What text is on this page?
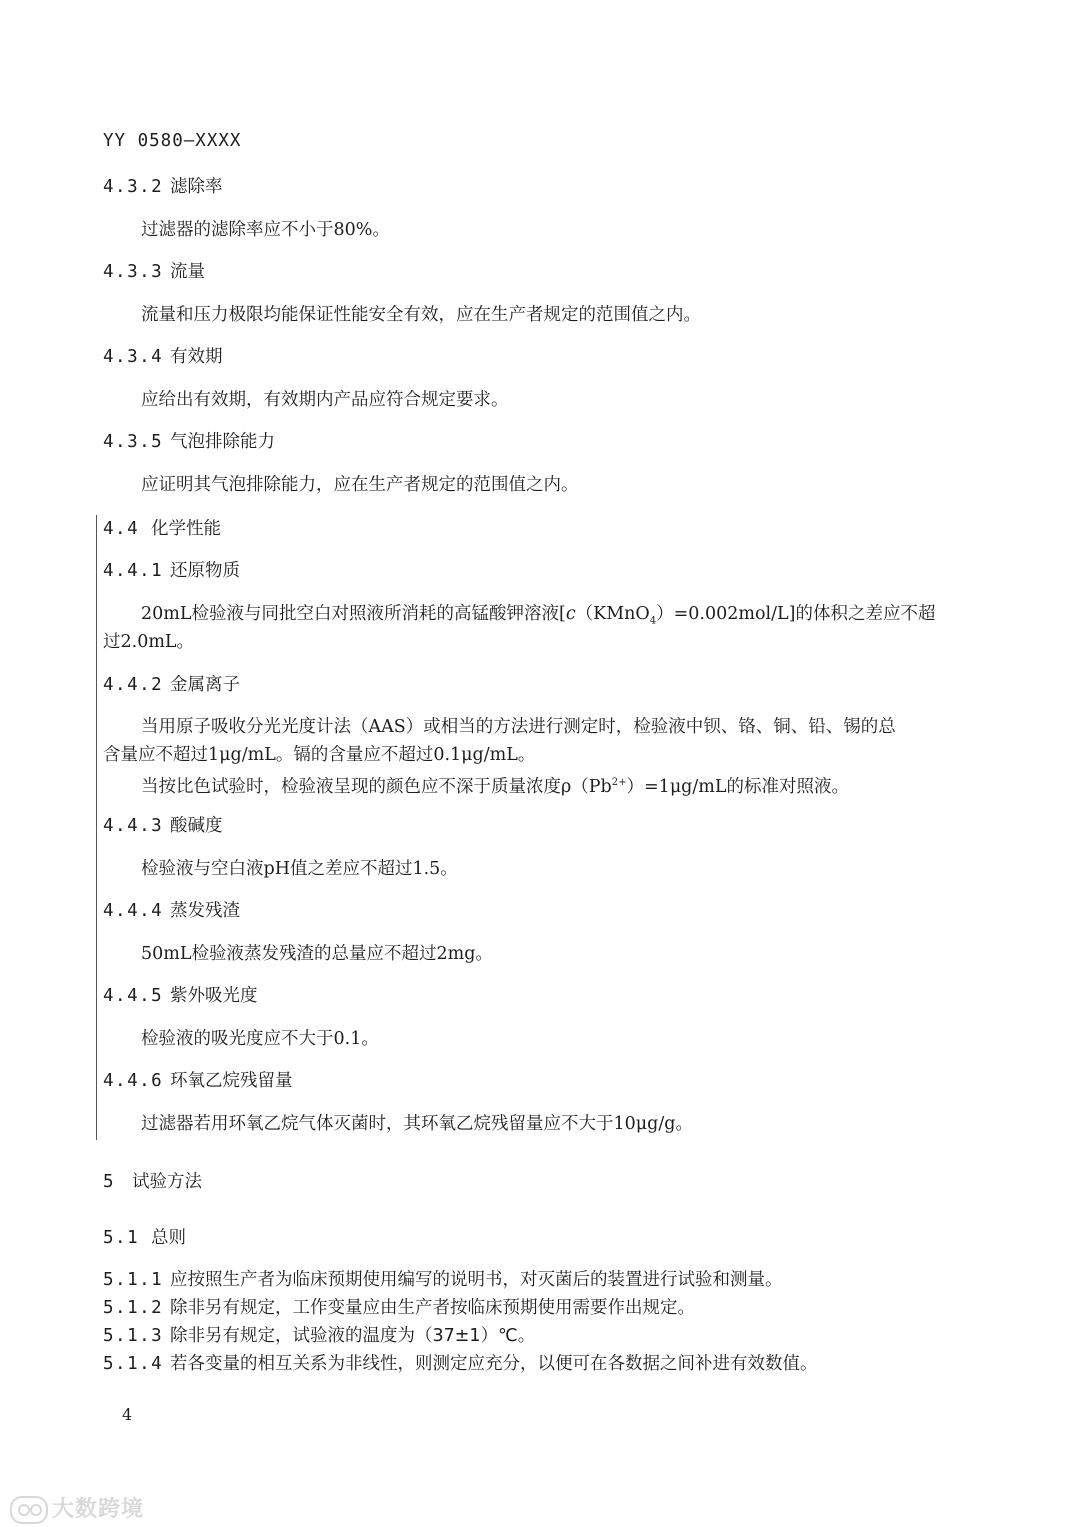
YY 0580—XXXX
4.3.2 滤除率
过滤器的滤除率应不小于80%。
4.3.3 流量
流量和压力极限均能保证性能安全有效，应在生产者规定的范围值之内。
4.3.4 有效期
应给出有效期，有效期内产品应符合规定要求。
4.3.5 气泡排除能力
应证明其气泡排除能力，应在生产者规定的范围值之内。
4.4 化学性能
4.4.1 还原物质
20mL检验液与同批空白对照液所消耗的高锰酸钾溶液[c（KMnO$_4$）=0.002mol/L]的体积之差应不超
过2.0mL。
4.4.2 金属离子
当用原子吸收分光光度计法（AAS）或相当的方法进行测定时，检验液中钡、铬、铜、铅、锡的总
含量应不超过1μg/mL。镉的含量应不超过0.1μg/mL。
当按比色试验时，检验液呈现的颜色应不深于质量浓度$\rho(Pb^{2+})=1\mu g/mL$的标准对照液。
4.4.3 酸碱度
检验液与空白液pH值之差应不超过1.5。
4.4.4 蒸发残渣
50mL检验液蒸发残渣的总量应不超过2mg。
4.4.5 紫外吸光度
检验液的吸光度应不大于0.1。
4.4.6 环氧乙烷残留量
过滤器若用环氧乙烷气体灭菌时，其环氧乙烷残留量应不大于10μg/g。
5 试验方法
5.1 总则
5.1.1 应按照生产者为临床预期使用编写的说明书，对灭菌后的装置进行试验和测量。
5.1.2 除非另有规定，工作变量应由生产者按临床预期使用需要作出规定。
5.1.3 除非另有规定，试验液的温度为（37±1）℃。
5.1.4 若各变量的相互关系为非线性，则测定应充分，以便可在各数据之间补进有效数值。
4
大数跨境
